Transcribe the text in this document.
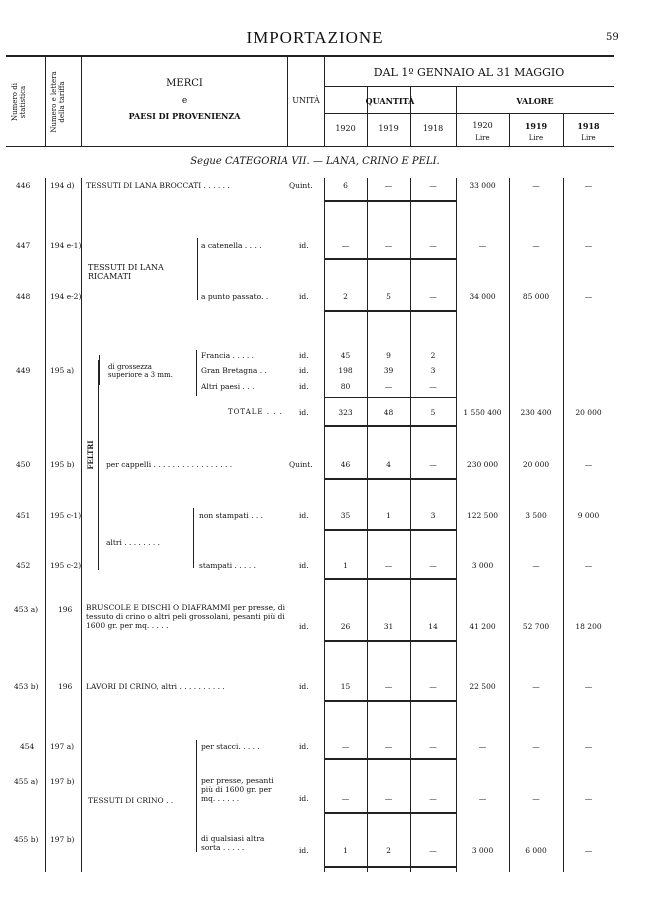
IMPORTAZIONE	59
Numero di statistica	Numero e lettera della tariffa	MERCI
e
PAESI DI PROVENIENZA
UNITÀ
DAL 1º GENNAIO AL 31 MAGGIO
QUANTITÀ	VALORE
1920	1919	1918	1920	1919	1918
Lire	Lire	Lire
Segue CATEGORIA VII. — LANA, CRINO E PELI.
TESSUTI DI LANA RICAMATI
di grossezza superiore a 3 mm.
FELTRI
altri . . . . . . . .
TESSUTI DI CRINO . .
446	194 d) TESSUTI DI LANA BROCCATI . . . . . .	Quint.	6	—	—	33 000	—	—
447	194 e-1)	a catenella . . . .	id.	—	—	—	—	—	—
448	194 e-2)	a punto passato. .	id.	2	5	—	34 000	85 000	—
Francia . . . . .	id.	45	9	2
449	195 a)	Gran Bretagna . .	id.	198	39	3
Altri paesi . . .	id.	80	—	—
TOTALE . . . id.	323	48	5	1 550 400	230 400	20 000
450	195 b)	per cappelli . . . . . . . . . . . . . . . . .	Quint.	46	4	—	230 000	20 000	—
451	195 c-1)	non stampati . . .	id.	35	1	3	122 500	3 500	9 000
452	195 c-2)	stampati . . . . .	id.	1	—	—	3 000	—	—
453 a)	196 BRUSCOLE E DISCHI O DIAFRAMMI per presse, di tessuto di crino o altri peli grossolani, pesanti più di 1600 gr. per mq. . . . .	id.	26	31	14	41 200	52 700	18 200
453 b)	196 LAVORI DI CRINO, altri . . . . . . . . . .	id.	15	—	—	22 500	—	—
454 197 a)	per stacci. . . . .	id.	—	—	—	—	—	—
455 a) 197 b)	per presse, pesanti più di 1600 gr. per mq. . . . . .	id.	—	—	—	—	—	—
455 b) 197 b)	di qualsiasi altra sorta . . . . .	id.	1	2	—	3 000	6 000	—
